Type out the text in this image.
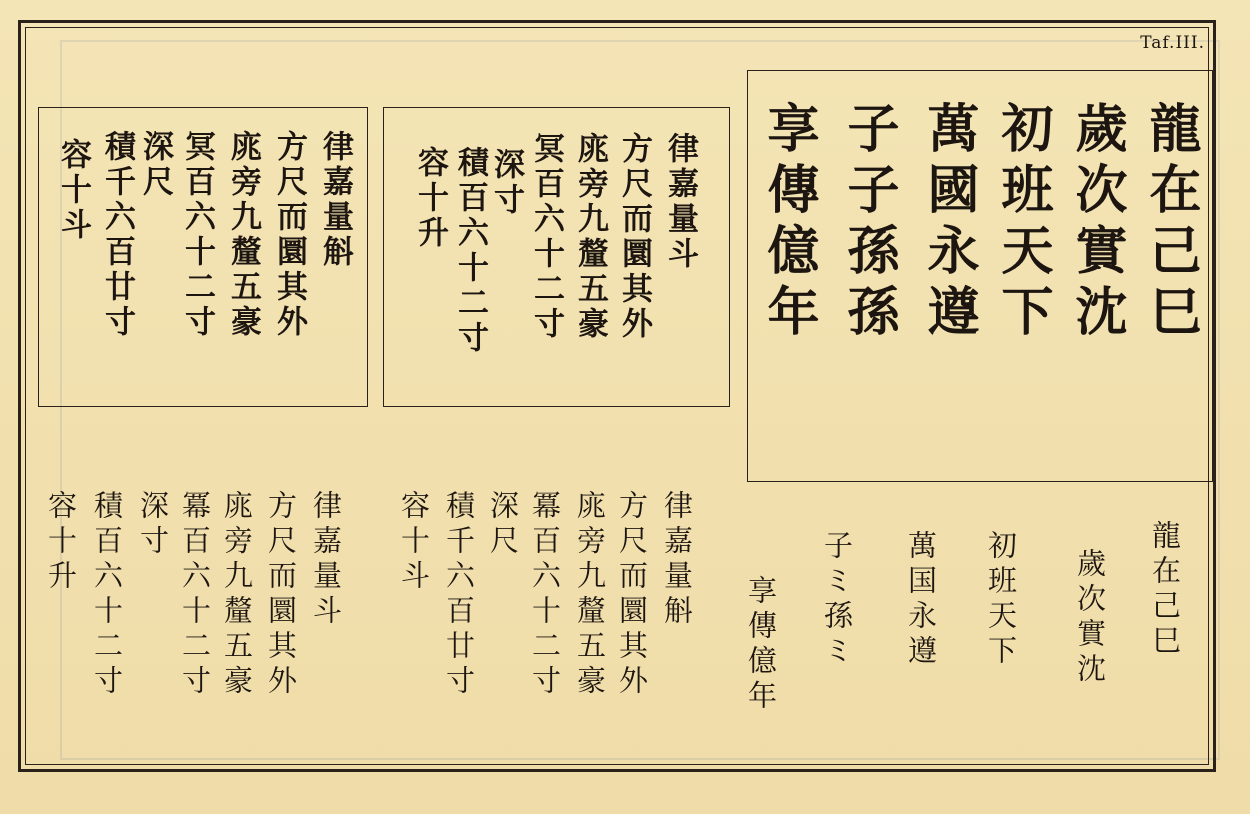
Taf.III.
律嘉量斛
方尺而圜其外
庣旁九釐五豪
冥百六十二寸
深尺
積千六百廿寸
容十斗	律嘉量斗
方尺而圜其外
庣旁九釐五豪
冥百六十二寸
深寸
積百六十二寸
容十升	龍在己巳
歲次實沈
初班天下
萬國永遵
子子孫孫
享傳億年
龍在己巳
歲次實沈
初班天下
萬国永遵
子ミ孫ミ
享傳億年
律嘉量斛
方尺而圜其外
庣旁九釐五豪
冪百六十二寸
深尺
積千六百廿寸
容十斗
律嘉量斗
方尺而圜其外
庣旁九釐五豪
冪百六十二寸
深寸
積百六十二寸
容十升
